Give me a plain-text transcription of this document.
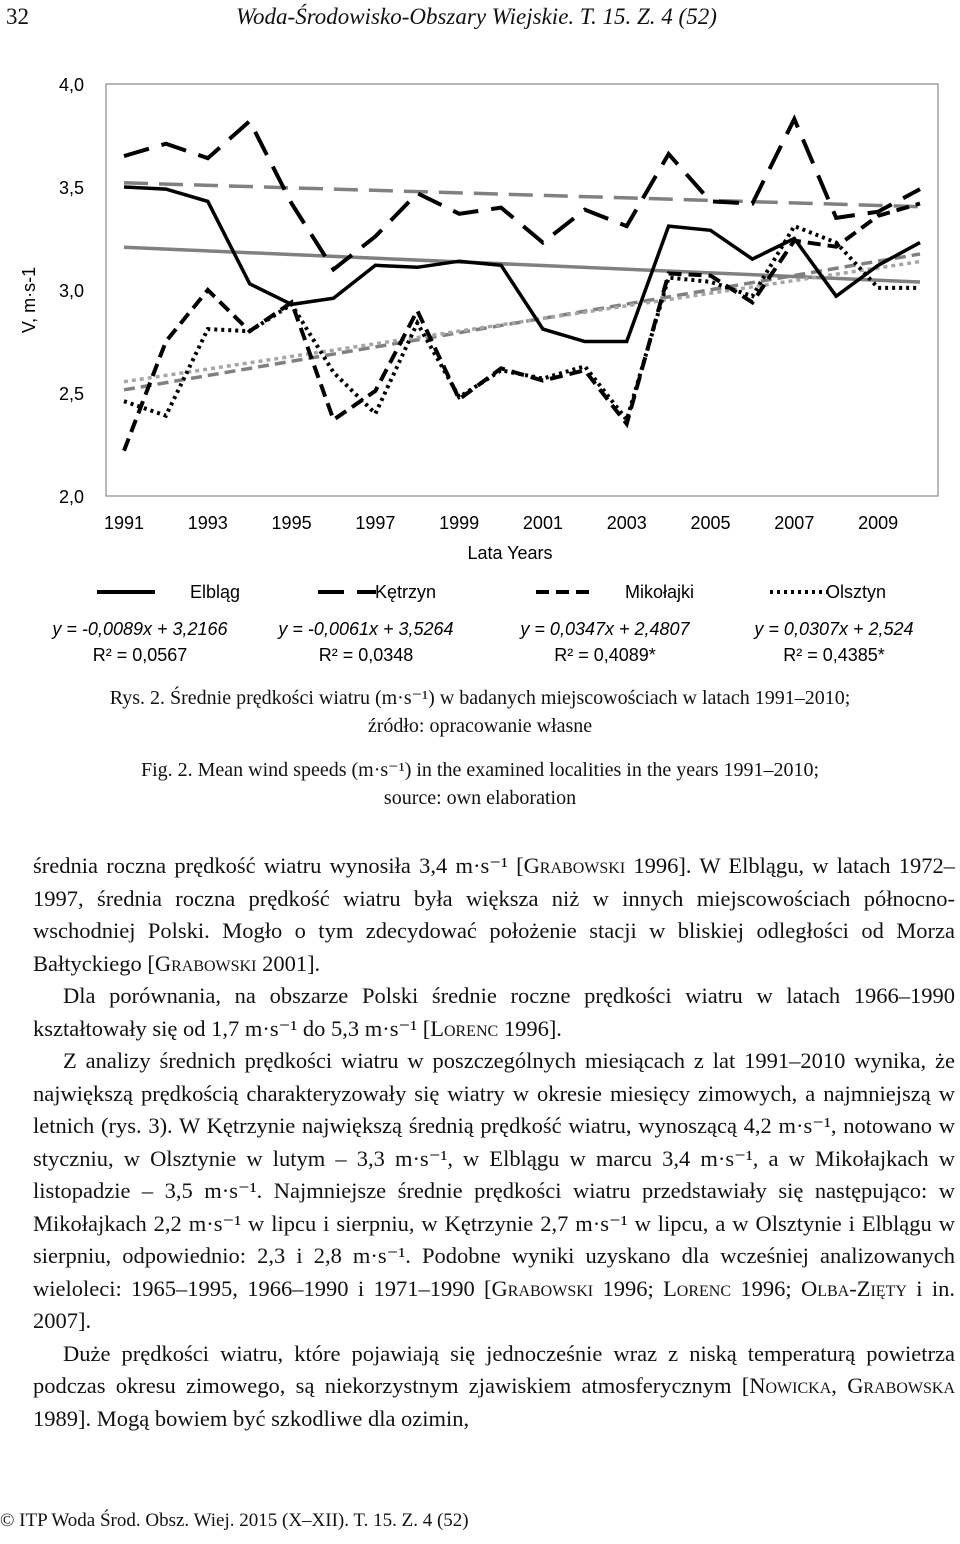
32	Woda-Środowisko-Obszary Wiejskie. T. 15. Z. 4 (52)
2,0
2,5
3,0
3,5
4,0
1991 1993 1995 1997 1999 2001 2003 2005 2007 2009
Lata Years
V, m·s-1
Elbląg
y = -0,0089x + 3,2166
R² = 0,0567
Kętrzyn
y = -0,0061x + 3,5264
R² = 0,0348
Mikołajki
y = 0,0347x + 2,4807
R² = 0,4089*
Olsztyn
y = 0,0307x + 2,524
R² = 0,4385*
Rys. 2. Średnie prędkości wiatru (m·s⁻¹) w badanych miejscowościach w latach 1991–2010;
źródło: opracowanie własne
Fig. 2. Mean wind speeds (m·s⁻¹) in the examined localities in the years 1991–2010;
source: own elaboration

średnia roczna prędkość wiatru wynosiła 3,4 m·s⁻¹ [Grabowski 1996]. W Elblągu, w latach 1972–1997, średnia roczna prędkość wiatru była większa niż w innych miejscowościach północno-wschodniej Polski. Mogło o tym zdecydować położenie stacji w bliskiej odległości od Morza Bałtyckiego [Grabowski 2001].

Dla porównania, na obszarze Polski średnie roczne prędkości wiatru w latach 1966–1990 kształtowały się od 1,7 m·s⁻¹ do 5,3 m·s⁻¹ [Lorenc 1996].

Z analizy średnich prędkości wiatru w poszczególnych miesiącach z lat 1991–2010 wynika, że największą prędkością charakteryzowały się wiatry w okresie miesięcy zimowych, a najmniejszą w letnich (rys. 3). W Kętrzynie największą średnią prędkość wiatru, wynoszącą 4,2 m·s⁻¹, notowano w styczniu, w Olsztynie w lutym – 3,3 m·s⁻¹, w Elblągu w marcu 3,4 m·s⁻¹, a w Mikołajkach w listopadzie – 3,5 m·s⁻¹. Najmniejsze średnie prędkości wiatru przedstawiały się następująco: w Mikołajkach 2,2 m·s⁻¹ w lipcu i sierpniu, w Kętrzynie 2,7 m·s⁻¹ w lipcu, a w Olsztynie i Elblągu w sierpniu, odpowiednio: 2,3 i 2,8 m·s⁻¹. Podobne wyniki uzyskano dla wcześniej analizowanych wieloleci: 1965–1995, 1966–1990 i 1971–1990 [Grabowski 1996; Lorenc 1996; Olba-Zięty i in. 2007].

Duże prędkości wiatru, które pojawiają się jednocześnie wraz z niską temperaturą powietrza podczas okresu zimowego, są niekorzystnym zjawiskiem atmosferycznym [Nowicka, Grabowska 1989]. Mogą bowiem być szkodliwe dla ozimin,

© ITP Woda Środ. Obsz. Wiej. 2015 (X–XII). T. 15. Z. 4 (52)
